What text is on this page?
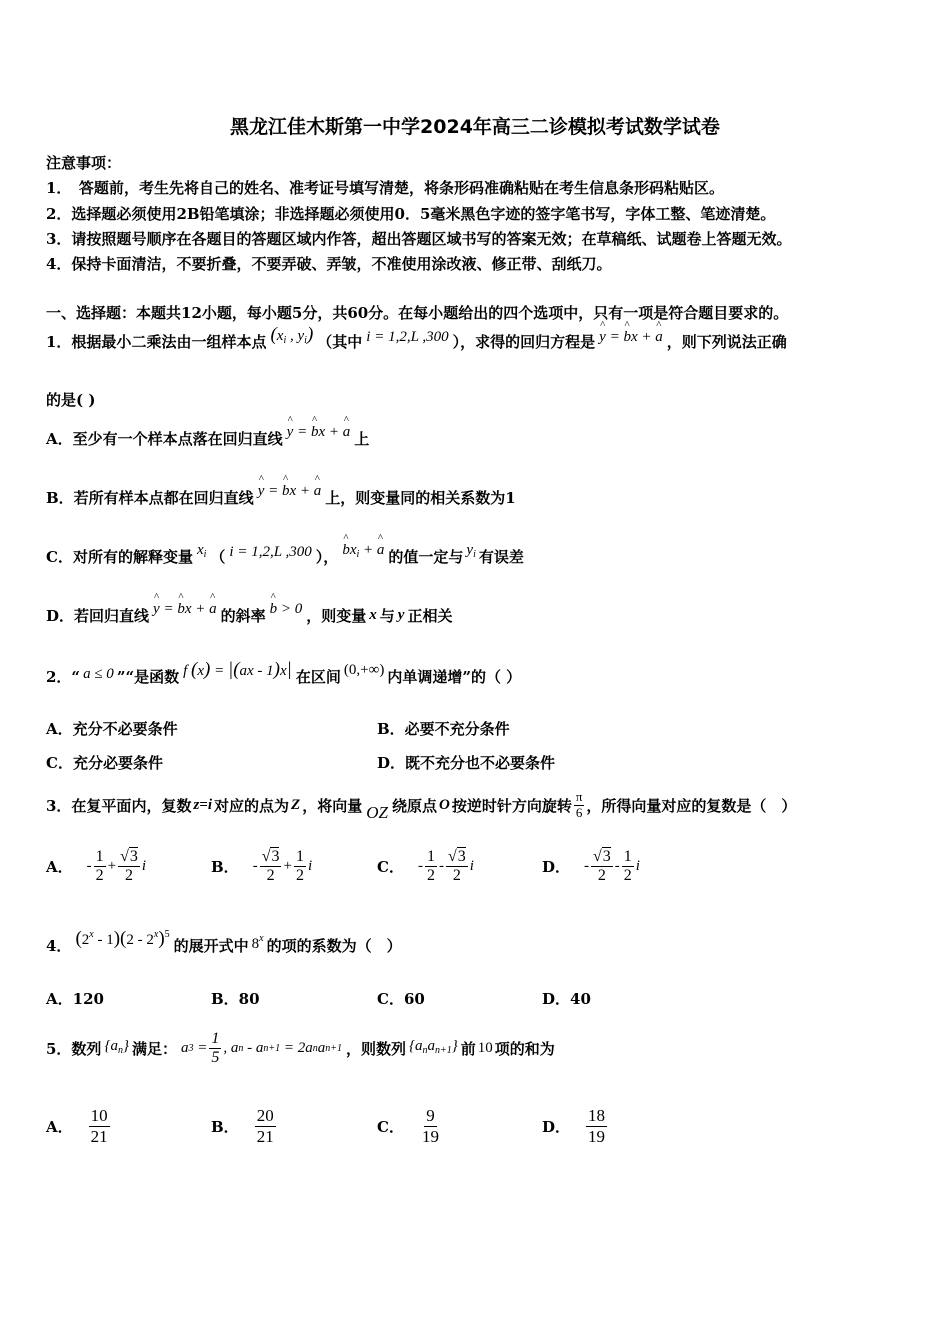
黑龙江佳木斯第一中学2024年高三二诊模拟考试数学试卷
注意事项：
1．　答题前，考生先将自己的姓名、准考证号填写清楚，将条形码准确粘贴在考生信息条形码粘贴区。
2．选择题必须使用2B铅笔填涂；非选择题必须使用0．5毫米黑色字迹的签字笔书写，字体工整、笔迹清楚。
3．请按照题号顺序在各题目的答题区域内作答，超出答题区域书写的答案无效；在草稿纸、试题卷上答题无效。
4．保持卡面清洁，不要折叠，不要弄破、弄皱，不准使用涂改液、修正带、刮纸刀。
一、选择题：本题共12小题，每小题5分，共60分。在每小题给出的四个选项中，只有一项是符合题目要求的。
1．根据最小二乘法由一组样本点 ($x_i$ , $y_i$) （其中 i = 1,2,L ,300 ），求得的回归方程是 ^ y = ^ bx + ^ a ，则下列说法正确
的是( )
A．至少有一个样本点落在回归直线 ^ y = ^ bx + ^ a 上
B．若所有样本点都在回归直线 ^ y = ^ bx + ^ a 上，则变量同的相关系数为1
C．对所有的解释变量 $x_i$ （ i = 1,2,L ,300 ）， ^ $bx_i$ + ^ a 的值一定与 $y_i$ 有误差
D．若回归直线 ^ y = ^ bx + ^ a 的斜率 ^ b > 0 ，则变量 x 与 y 正相关
2．“ a ≤ 0 ”“是函数 f (x) = |(ax - 1)x| 在区间 (0,+∞) 内单调递增”的（ ）
A．充分不必要条件	B．必要不充分条件
C．充分必要条件	D．既不充分也不必要条件
3．在复平面内，复数 z=i 对应的点为 Z ，将向量 OZ 绕原点 O 按逆时针方向旋转 $\frac{\pi}{6}$ ，所得向量对应的复数是（　）
A． - $\frac{1}{2} + \frac{√3}{2}$ i	B． - $\frac{√3}{2} + \frac{1}{2}$ i	C． - $\frac{1}{2} - \frac{√3}{2}$ i	D． - $\frac{√3}{2} - \frac{1}{2}$ i
4． (2$^x$ - 1)(2 - 2$^x$)$^5$
的展开式中 8$^x$ 的项的系数为（　）
A．120	B．80	C．60	D．40
5．数列 $\{a_n\}$ 满足： a $3 = \frac{1}{5}$ , a n - a n+1 = 2a n a n+1 ，则数列 $\{a_na_{n+1}\}$ 前 10 项的和为
A． $\frac{10}{21}$	B． $\frac{20}{21}$	C． $\frac{9}{19}$	D． $\frac{18}{19}$
